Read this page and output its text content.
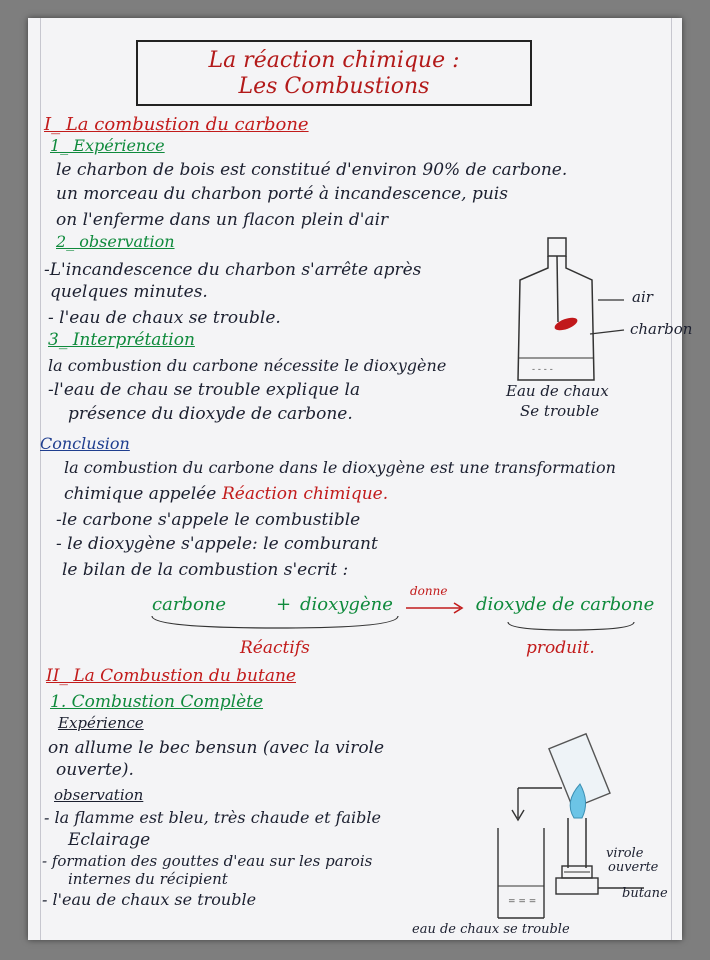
La réaction chimique :
Les Combustions
I_ La combustion du carbone
1_ Expérience
le charbon de bois est constitué d'environ 90% de carbone.
un morceau du charbon porté à incandescence, puis
on l'enferme dans un flacon plein d'air
2_ observation
-L'incandescence du charbon s'arrête après
quelques minutes.
- l'eau de chaux se trouble.
3_ Interprétation
la combustion du carbone nécessite le dioxygène
-l'eau de chau se trouble explique la
présence du dioxyde de carbone.
- - - -
air
charbon
Eau de chaux
Se trouble
Conclusion
la combustion du carbone dans le dioxygène est une transformation
chimique appelée Réaction chimique.
-le carbone s'appele le combustible
- le dioxygène s'appele: le comburant
le bilan de la combustion s'ecrit :
carbone	+ dioxygène
donne
→ dioxyde de carbone
Réactifs	produit.
II_ La Combustion du butane
1. Combustion Complète
Expérience
on allume le bec bensun (avec la virole
ouverte).
observation
- la flamme est bleu, très chaude et faible
Eclairage
- formation des gouttes d'eau sur les parois
internes du récipient
- l'eau de chaux se trouble	= = =
virole
ouverte
butane
eau de chaux se trouble
